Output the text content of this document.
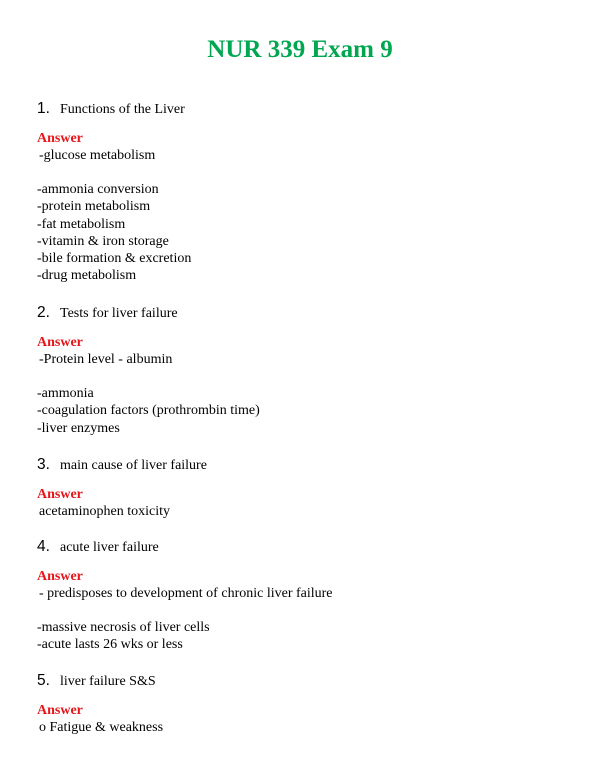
NUR 339 Exam 9
1. Functions of the Liver
Answer
-glucose metabolism
-ammonia conversion
-protein metabolism
-fat metabolism
-vitamin & iron storage
-bile formation & excretion
-drug metabolism
2. Tests for liver failure
Answer
-Protein level - albumin
-ammonia
-coagulation factors (prothrombin time)
-liver enzymes
3. main cause of liver failure
Answer
acetaminophen toxicity
4. acute liver failure
Answer
- predisposes to development of chronic liver failure
-massive necrosis of liver cells
-acute lasts 26 wks or less
5. liver failure S&S
Answer
o Fatigue & weakness
